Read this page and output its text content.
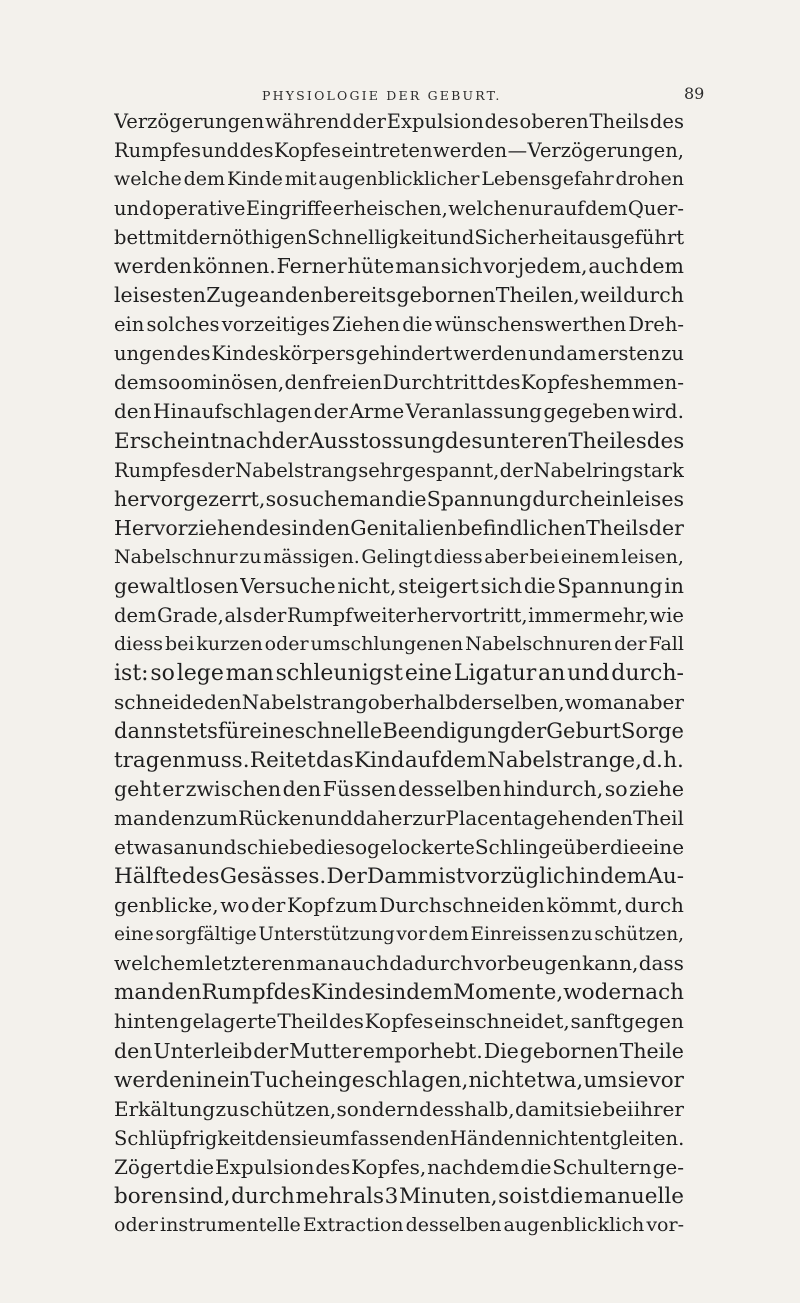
PHYSIOLOGIE DER GEBURT.	89
Verzögerungen während der Expulsion des oberen Theils des
Rumpfes und des Kopfes eintreten werden — Verzögerungen,
welche dem Kinde mit augenblicklicher Lebensgefahr drohen
und operative Eingriffe erheischen, welche nur auf dem Quer-
bett mit der nöthigen Schnelligkeit und Sicherheit ausgeführt
werden können. Ferner hüte man sich vor jedem, auch dem
leisesten Zuge an den bereits gebornen Theilen, weil durch
ein solches vorzeitiges Ziehen die wünschenswerthen Dreh-
ungen des Kindeskörpers gehindert werden und am ersten zu
dem so ominösen, den freien Durchtritt des Kopfes hemmen-
den Hinaufschlagen der Arme Veranlassung gegeben wird.
Erscheint nach der Ausstossung des unteren Theiles des
Rumpfes der Nabelstrang sehr gespannt, der Nabelring stark
hervorgezerrt, so suche man die Spannung durch ein leises
Hervorziehen des in den Genitalien befindlichen Theils der
Nabelschnur zu mässigen. Gelingt diess aber bei einem leisen,
gewaltlosen Versuche nicht, steigert sich die Spannung in
dem Grade, als der Rumpf weiter hervortritt, immer mehr, wie
diess bei kurzen oder umschlungenen Nabelschnuren der Fall
ist: so lege man schleunigst eine Ligatur an und durch-
schneide den Nabelstrang oberhalb derselben, wo man aber
dann stets für eine schnelle Beendigung der Geburt Sorge
tragen muss. Reitet das Kind auf dem Nabelstrange, d. h.
geht er zwischen den Füssen desselben hindurch, so ziehe
man den zum Rücken und daher zur Placenta gehenden Theil
etwas an und schiebe die so gelockerte Schlinge über die eine
Hälfte des Gesässes. Der Damm ist vorzüglich in dem Au-
genblicke, wo der Kopf zum Durchschneiden kömmt, durch
eine sorgfältige Unterstützung vor dem Einreissen zu schützen,
welchem letzteren man auch dadurch vorbeugen kann, dass
man den Rumpf des Kindes in dem Momente, wo der nach
hinten gelagerte Theil des Kopfes einschneidet, sanft gegen
den Unterleib der Mutter emporhebt. Die gebornen Theile
werden in ein Tuch eingeschlagen, nicht etwa, um sie vor
Erkältung zu schützen, sondern desshalb, damit sie bei ihrer
Schlüpfrigkeit den sie umfassenden Händen nicht entgleiten.
Zögert die Expulsion des Kopfes, nachdem die Schultern ge-
boren sind, durch mehr als 3 Minuten, so ist die manuelle
oder instrumentelle Extraction desselben augenblicklich vor-
